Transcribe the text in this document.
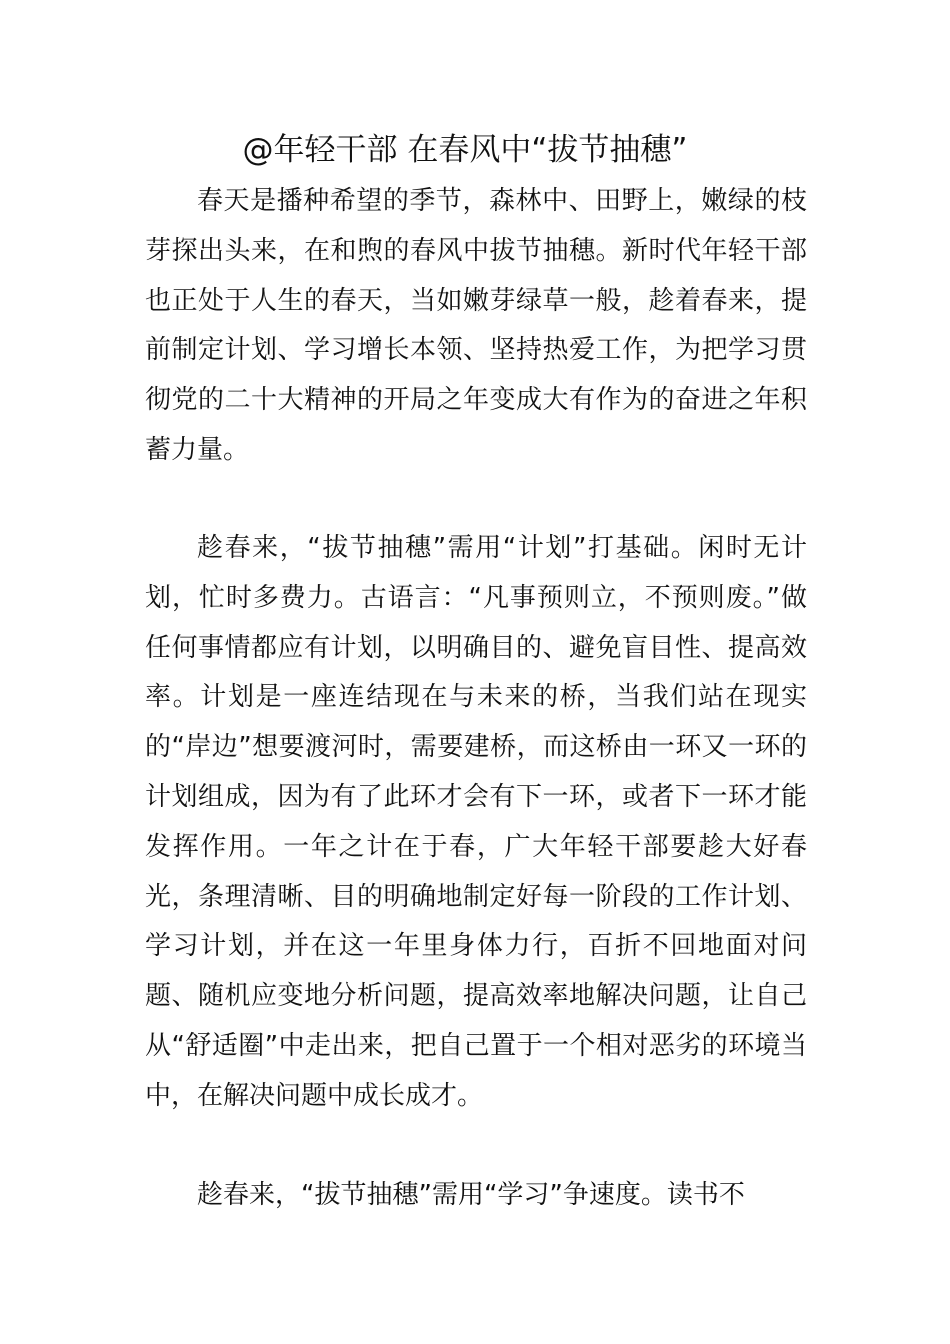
@年轻干部 在春风中“拔节抽穗”

春天是播种希望的季节，森林中、田野上，嫩绿的枝芽探出头来，在和煦的春风中拔节抽穗。新时代年轻干部也正处于人生的春天，当如嫩芽绿草一般，趁着春来，提前制定计划、学习增长本领、坚持热爱工作，为把学习贯彻党的二十大精神的开局之年变成大有作为的奋进之年积蓄力量。

趁春来，“拔节抽穗”需用“计划”打基础。闲时无计划，忙时多费力。古语言：“凡事预则立，不预则废。”做任何事情都应有计划，以明确目的、避免盲目性、提高效率。计划是一座连结现在与未来的桥，当我们站在现实的“岸边”想要渡河时，需要建桥，而这桥由一环又一环的计划组成，因为有了此环才会有下一环，或者下一环才能发挥作用。一年之计在于春，广大年轻干部要趁大好春光，条理清晰、目的明确地制定好每一阶段的工作计划、学习计划，并在这一年里身体力行，百折不回地面对问题、随机应变地分析问题，提高效率地解决问题，让自己从“舒适圈”中走出来，把自己置于一个相对恶劣的环境当中，在解决问题中成长成才。

趁春来，“拔节抽穗”需用“学习”争速度。读书不
